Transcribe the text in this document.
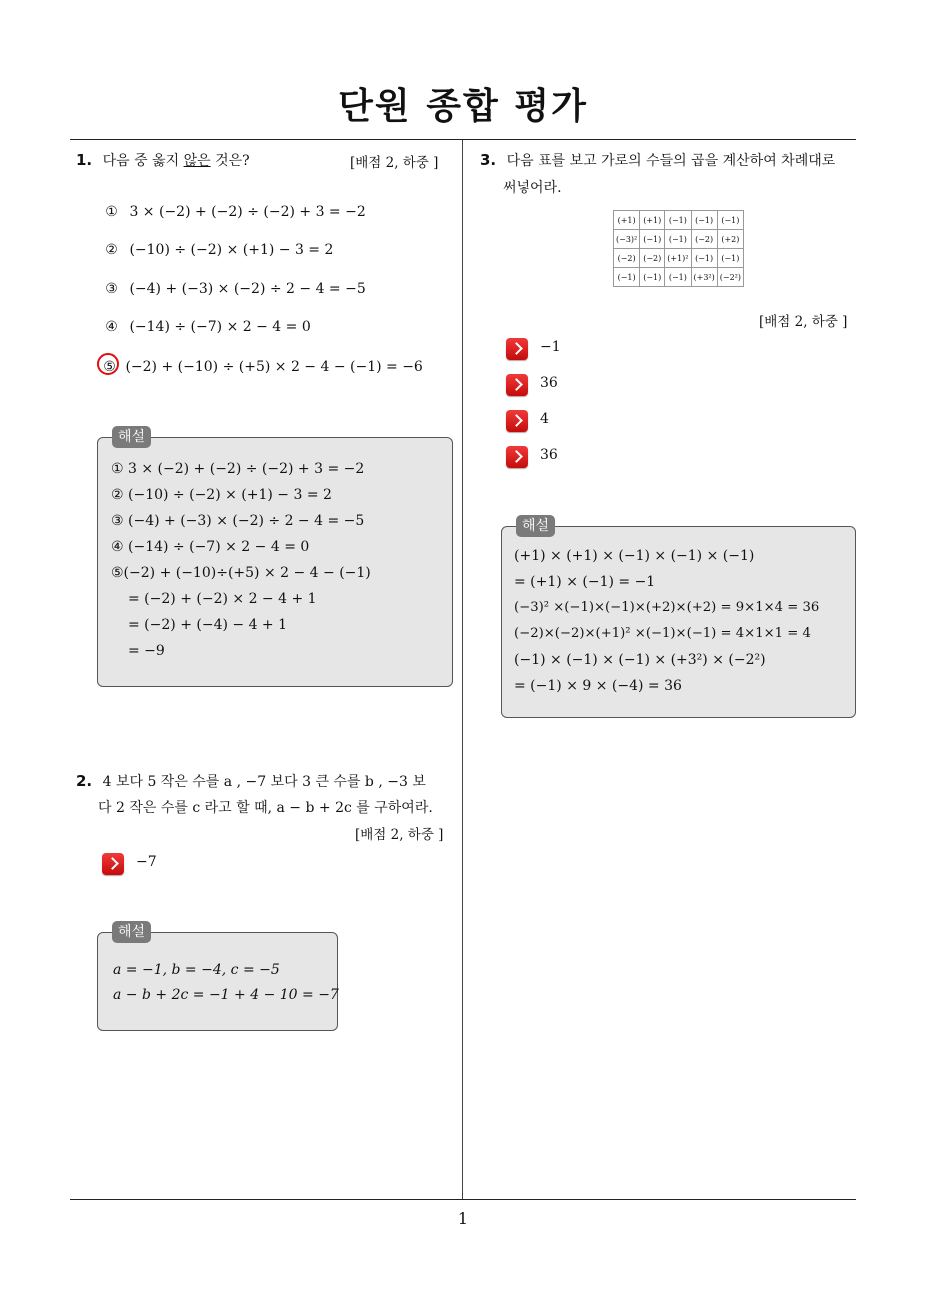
단원 종합 평가
1. 다음 중 옳지 않은 것은?	[배점 2, 하중 ]
① 3 × (−2) + (−2) ÷ (−2) + 3 = −2
② (−10) ÷ (−2) × (+1) − 3 = 2
③ (−4) + (−3) × (−2) ÷ 2 − 4 = −5
④ (−14) ÷ (−7) × 2 − 4 = 0
⑤ (−2) + (−10) ÷ (+5) × 2 − 4 − (−1) = −6
해설
① 3 × (−2) + (−2) ÷ (−2) + 3 = −2
② (−10) ÷ (−2) × (+1) − 3 = 2
③ (−4) + (−3) × (−2) ÷ 2 − 4 = −5
④ (−14) ÷ (−7) × 2 − 4 = 0
⑤(−2) + (−10)÷(+5) × 2 − 4 − (−1)
= (−2) + (−2) × 2 − 4 + 1
= (−2) + (−4) − 4 + 1
= −9
2. 4 보다 5 작은 수를 a , −7 보다 3 큰 수를 b , −3 보
다 2 작은 수를 c 라고 할 때, a − b + 2c 를 구하여라.
[배점 2, 하중 ]
−7
해설
a = −1, b = −4, c = −5
a − b + 2c = −1 + 4 − 10 = −7
3. 다음 표를 보고 가로의 수들의 곱을 계산하여 차례대로
써넣어라.
(+1)	(+1)	(−1)	(−1)	(−1)
(−3)²	(−1)	(−1)	(−2)	(+2)
(−2)	(−2)	(+1)²	(−1)	(−1)
(−1)	(−1)	(−1)	(+3²)	(−2²)
[배점 2, 하중 ]
−1
36
4
36
해설
(+1) × (+1) × (−1) × (−1) × (−1)
= (+1) × (−1) = −1
(−3)² ×(−1)×(−1)×(+2)×(+2) = 9×1×4 = 36
(−2)×(−2)×(+1)² ×(−1)×(−1) = 4×1×1 = 4
(−1) × (−1) × (−1) × (+3²) × (−2²)
= (−1) × 9 × (−4) = 36
1
